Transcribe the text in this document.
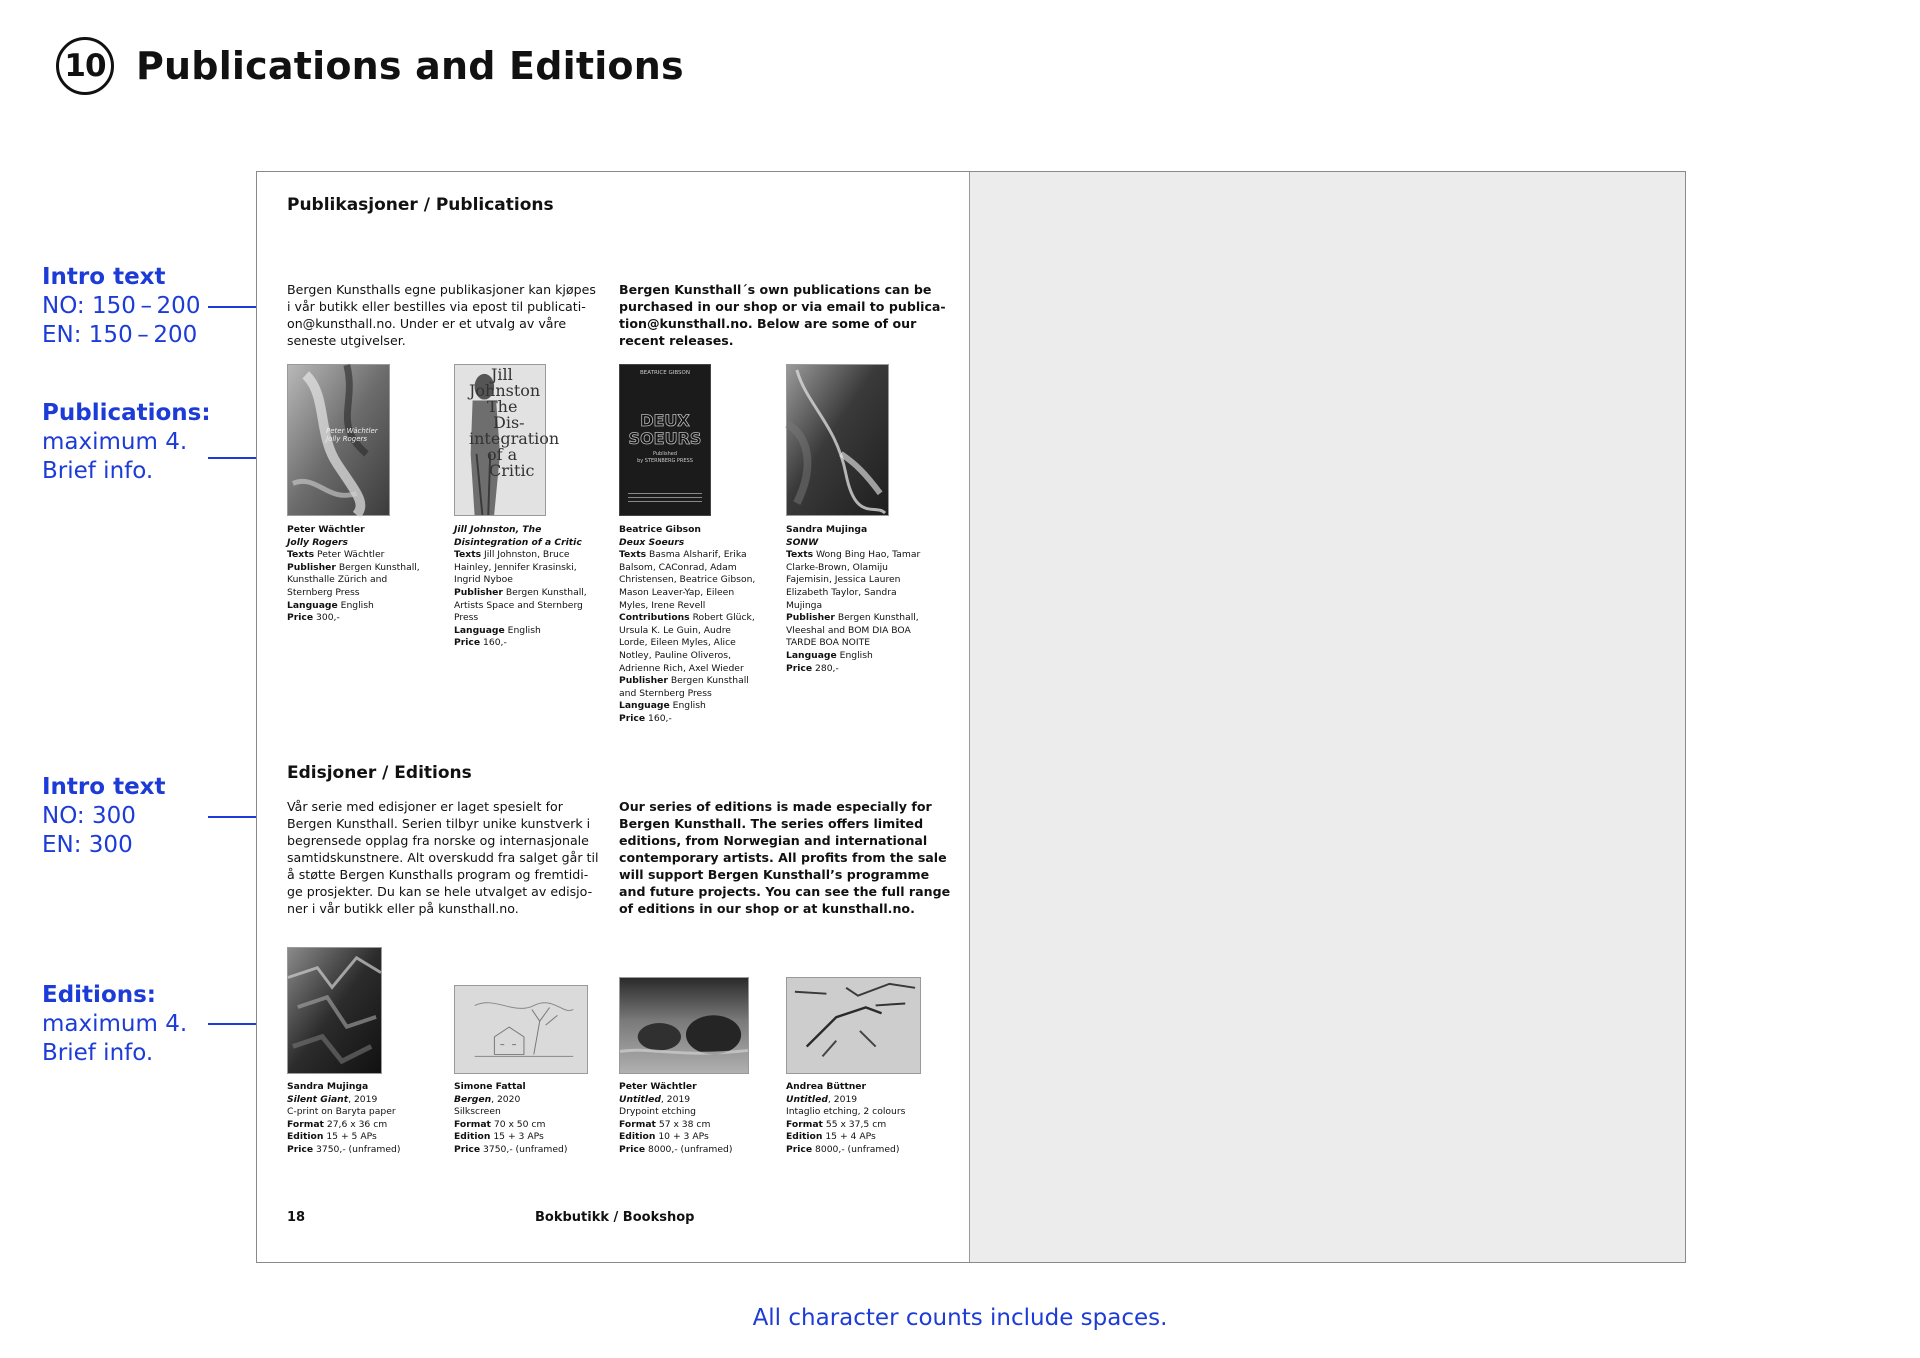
10 Publications and Editions
Intro text
NO: 150 – 200
EN: 150 – 200
Publications:
maximum 4.
Brief info.
Intro text
NO: 300
EN: 300
Editions:
maximum 4.
Brief info.
Publikasjoner / Publications
Bergen Kunsthalls egne publikasjoner kan kjøpes
i vår butikk eller bestilles via epost til publicati-
on@kunsthall.no. Under er et utvalg av våre
seneste utgivelser.
Bergen Kunsthall´s own publications can be
purchased in our shop or via email to publica-
tion@kunsthall.no. Below are some of our
recent releases.
Peter Wächtler
Jolly Rogers
Peter Wächtler
Jolly Rogers
Texts Peter Wächtler
Publisher Bergen Kunsthall,
Kunsthalle Zürich and
Sternberg Press
Language English
Price 300,-
Jill
Johnston
The
Dis-
integration
of a
Critic
Jill Johnston, The
Disintegration of a Critic
Texts Jill Johnston, Bruce
Hainley, Jennifer Krasinski,
Ingrid Nyboe
Publisher Bergen Kunsthall,
Artists Space and Sternberg
Press
Language English
Price 160,-
BEATRICE GIBSON
DEUX
SOEURS
Published
by STERNBERG PRESS
Beatrice Gibson
Deux Soeurs
Texts Basma Alsharif, Erika
Balsom, CAConrad, Adam
Christensen, Beatrice Gibson,
Mason Leaver-Yap, Eileen
Myles, Irene Revell
Contributions Robert Glück,
Ursula K. Le Guin, Audre
Lorde, Eileen Myles, Alice
Notley, Pauline Oliveros,
Adrienne Rich, Axel Wieder
Publisher Bergen Kunsthall
and Sternberg Press
Language English
Price 160,-
Sandra Mujinga
SONW
Texts Wong Bing Hao, Tamar
Clarke-Brown, Olamiju
Fajemisin, Jessica Lauren
Elizabeth Taylor, Sandra
Mujinga
Publisher Bergen Kunsthall,
Vleeshal and BOM DIA BOA
TARDE BOA NOITE
Language English
Price 280,-
Edisjoner / Editions
Vår serie med edisjoner er laget spesielt for
Bergen Kunsthall. Serien tilbyr unike kunstverk i
begrensede opplag fra norske og internasjonale
samtidskunstnere. Alt overskudd fra salget går til
å støtte Bergen Kunsthalls program og fremtidi-
ge prosjekter. Du kan se hele utvalget av edisjo-
ner i vår butikk eller på kunsthall.no.
Our series of editions is made especially for
Bergen Kunsthall. The series offers limited
editions, from Norwegian and international
contemporary artists. All profits from the sale
will support Bergen Kunsthall’s programme
and future projects. You can see the full range
of editions in our shop or at kunsthall.no.
Sandra Mujinga
Silent Giant, 2019
C-print on Baryta paper
Format 27,6 x 36 cm
Edition 15 + 5 APs
Price 3750,- (unframed)
Simone Fattal
Bergen, 2020
Silkscreen
Format 70 x 50 cm
Edition 15 + 3 APs
Price 3750,- (unframed)
Peter Wächtler
Untitled, 2019
Drypoint etching
Format 57 x 38 cm
Edition 10 + 3 APs
Price 8000,- (unframed)
Andrea Büttner
Untitled, 2019
Intaglio etching, 2 colours
Format 55 x 37,5 cm
Edition 15 + 4 APs
Price 8000,- (unframed)
18	Bokbutikk / Bookshop
All character counts include spaces.
